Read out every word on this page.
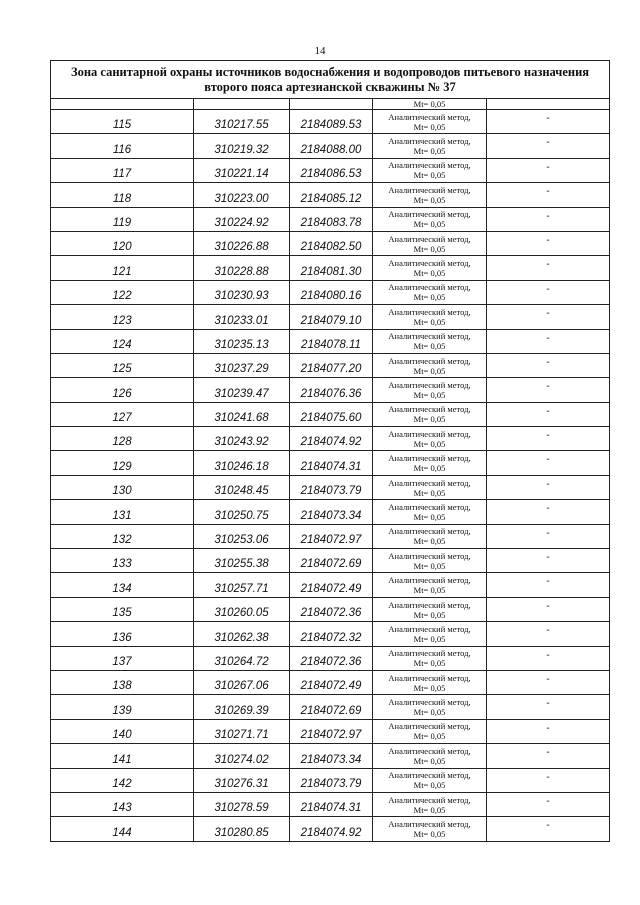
14
Зона санитарной охраны источников водоснабжения и водопроводов питьевого назначения
второго пояса артезианской скважины № 37				

			Mt= 0,05	

115	310217.55	2184089.53	Аналитический метод,
Mt= 0,05	-
116	310219.32	2184088.00	Аналитический метод,
Mt= 0,05	-
117	310221.14	2184086.53	Аналитический метод,
Mt= 0,05	-
118	310223.00	2184085.12	Аналитический метод,
Mt= 0,05	-
119	310224.92	2184083.78	Аналитический метод,
Mt= 0,05	-
120	310226.88	2184082.50	Аналитический метод,
Mt= 0,05	-
121	310228.88	2184081.30	Аналитический метод,
Mt= 0,05	-
122	310230.93	2184080.16	Аналитический метод,
Mt= 0,05	-
123	310233.01	2184079.10	Аналитический метод,
Mt= 0,05	-
124	310235.13	2184078.11	Аналитический метод,
Mt= 0,05	-
125	310237.29	2184077.20	Аналитический метод,
Mt= 0,05	-
126	310239.47	2184076.36	Аналитический метод,
Mt= 0,05	-
127	310241.68	2184075.60	Аналитический метод,
Mt= 0,05	-
128	310243.92	2184074.92	Аналитический метод,
Mt= 0,05	-
129	310246.18	2184074.31	Аналитический метод,
Mt= 0,05	-
130	310248.45	2184073.79	Аналитический метод,
Mt= 0,05	-
131	310250.75	2184073.34	Аналитический метод,
Mt= 0,05	-
132	310253.06	2184072.97	Аналитический метод,
Mt= 0,05	-
133	310255.38	2184072.69	Аналитический метод,
Mt= 0,05	-
134	310257.71	2184072.49	Аналитический метод,
Mt= 0,05	-
135	310260.05	2184072.36	Аналитический метод,
Mt= 0,05	-
136	310262.38	2184072.32	Аналитический метод,
Mt= 0,05	-
137	310264.72	2184072.36	Аналитический метод,
Mt= 0,05	-
138	310267.06	2184072.49	Аналитический метод,
Mt= 0,05	-
139	310269.39	2184072.69	Аналитический метод,
Mt= 0,05	-
140	310271.71	2184072.97	Аналитический метод,
Mt= 0,05	-
141	310274.02	2184073.34	Аналитический метод,
Mt= 0,05	-
142	310276.31	2184073.79	Аналитический метод,
Mt= 0,05	-
143	310278.59	2184074.31	Аналитический метод,
Mt= 0,05	-
144	310280.85	2184074.92	Аналитический метод,
Mt= 0,05	-
